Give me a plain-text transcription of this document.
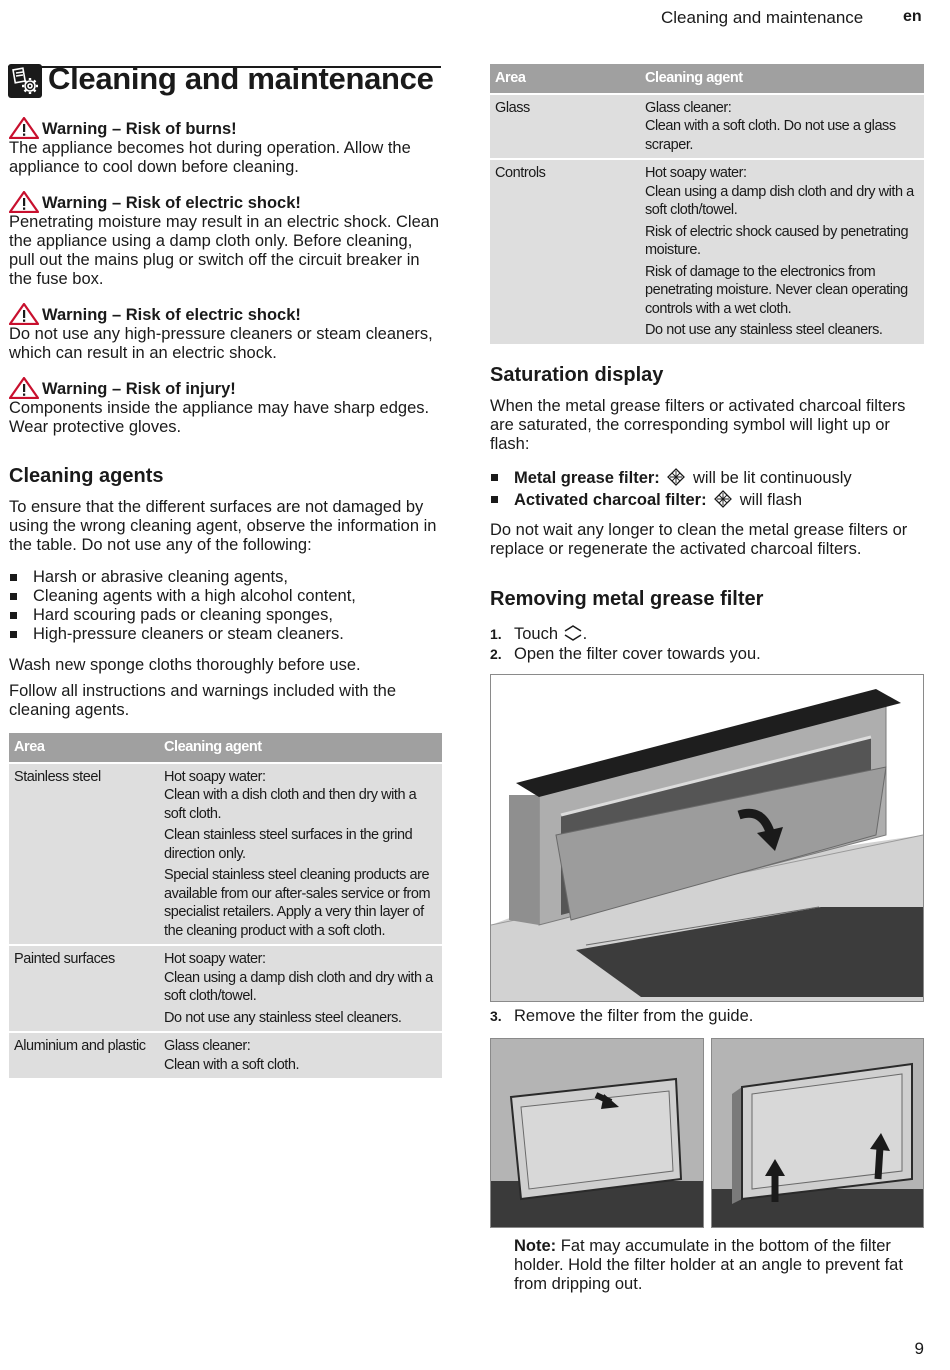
Cleaning and maintenance en
Cleaning and maintenance
Warning – Risk of burns!
The appliance becomes hot during operation. Allow the appliance to cool down before cleaning.
Warning – Risk of electric shock!
Penetrating moisture may result in an electric shock. Clean the appliance using a damp cloth only. Before cleaning, pull out the mains plug or switch off the circuit breaker in the fuse box.
Warning – Risk of electric shock!
Do not use any high-pressure cleaners or steam cleaners, which can result in an electric shock.
Warning – Risk of injury!
Components inside the appliance may have sharp edges. Wear protective gloves.
Cleaning agents
To ensure that the different surfaces are not damaged by using the wrong cleaning agent, observe the information in the table. Do not use any of the following:
Harsh or abrasive cleaning agents,
Cleaning agents with a high alcohol content,
Hard scouring pads or cleaning sponges,
High-pressure cleaners or steam cleaners.
Wash new sponge cloths thoroughly before use.
Follow all instructions and warnings included with the cleaning agents.
Area	Cleaning agent
Stainless steel	Hot soapy water:
Clean with a dish cloth and then dry with a soft cloth.

Clean stainless steel surfaces in the grind direction only.

Special stainless steel cleaning products are available from our after-sales service or from specialist retailers. Apply a very thin layer of the cleaning product with a soft cloth.

Painted surfaces	Hot soapy water:
Clean using a damp dish cloth and dry with a soft cloth/towel.

Do not use any stainless steel cleaners.

Aluminium and plastic	Glass cleaner:
Clean with a soft cloth.

Area	Cleaning agent
Glass	Glass cleaner:
Clean with a soft cloth. Do not use a glass scraper.

Controls	Hot soapy water:
Clean using a damp dish cloth and dry with a soft cloth/towel.

Risk of electric shock caused by penetrating moisture.

Risk of damage to the electronics from penetrating moisture. Never clean operating controls with a wet cloth.

Do not use any stainless steel cleaners.

Saturation display
When the metal grease filters or activated charcoal filters are saturated, the corresponding symbol will light up or flash:
Metal grease filter: will be lit continuously
Activated charcoal filter: will flash
Do not wait any longer to clean the metal grease filters or replace or regenerate the activated charcoal filters.
Removing metal grease filter
1. Touch .
2. Open the filter cover towards you.
3. Remove the filter from the guide.
Note: Fat may accumulate in the bottom of the filter holder. Hold the filter holder at an angle to prevent fat from dripping out.
9
